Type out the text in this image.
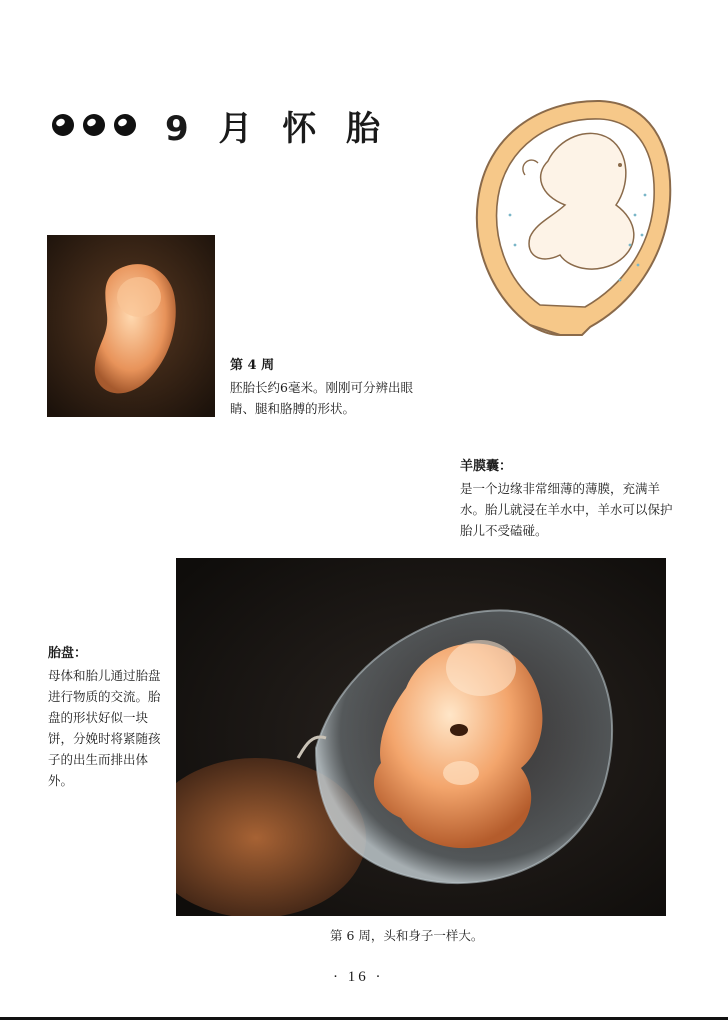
9 月 怀 胎

第 4 周

胚胎长约6毫米。刚刚可分辨出眼睛、腿和胳膊的形状。

羊膜囊：

是一个边缘非常细薄的薄膜，充满羊水。胎儿就浸在羊水中，羊水可以保护胎儿不受磕碰。

胎盘：

母体和胎儿通过胎盘进行物质的交流。胎盘的形状好似一块饼，分娩时将紧随孩子的出生而排出体外。

第 6 周，头和身子一样大。
· 16 ·
